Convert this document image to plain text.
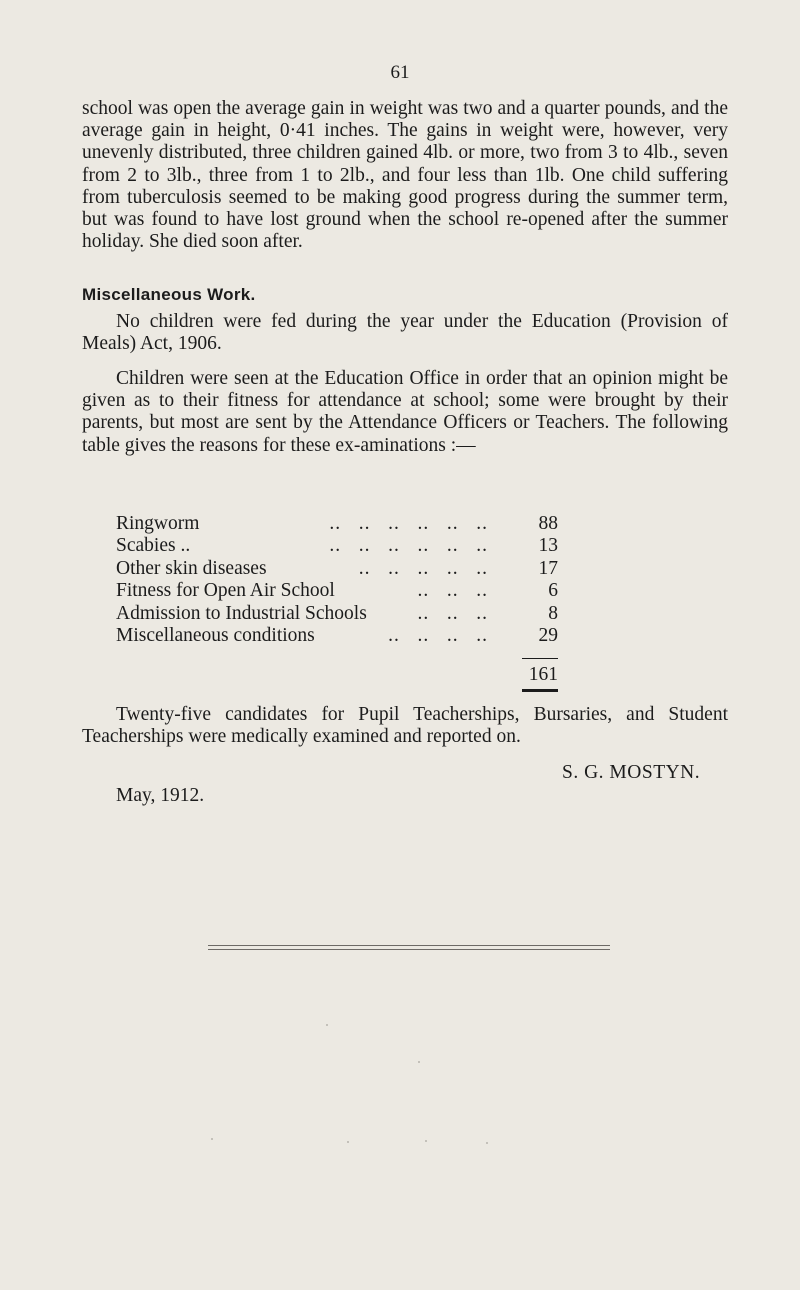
61
school was open the average gain in weight was two and a quarter pounds, and the average gain in height, 0·41 inches. The gains in weight were, however, very unevenly distributed, three children gained 4lb. or more, two from 3 to 4lb., seven from 2 to 3lb., three from 1 to 2lb., and four less than 1lb. One child suffering from tuberculosis seemed to be making good progress during the summer term, but was found to have lost ground when the school re-opened after the summer holiday. She died soon after.
Miscellaneous Work.
No children were fed during the year under the Education (Provision of Meals) Act, 1906.
Children were seen at the Education Office in order that an opinion might be given as to their fitness for attendance at school; some were brought by their parents, but most are sent by the Attendance Officers or Teachers. The following table gives the reasons for these ex-aminations :—
Ringworm	..   ..   ..   ..   ..   ..	88
Scabies ..	..   ..   ..   ..   ..   ..	13
Other skin diseases	..   ..   ..   ..   ..	17
Fitness for Open Air School	..   ..   ..	6
Admission to Industrial Schools	..   ..   ..	8
Miscellaneous conditions	..   ..   ..   ..	29
161
Twenty-five candidates for Pupil Teacherships, Bursaries, and Student Teacherships were medically examined and reported on.
S. G. MOSTYN.
May, 1912.
